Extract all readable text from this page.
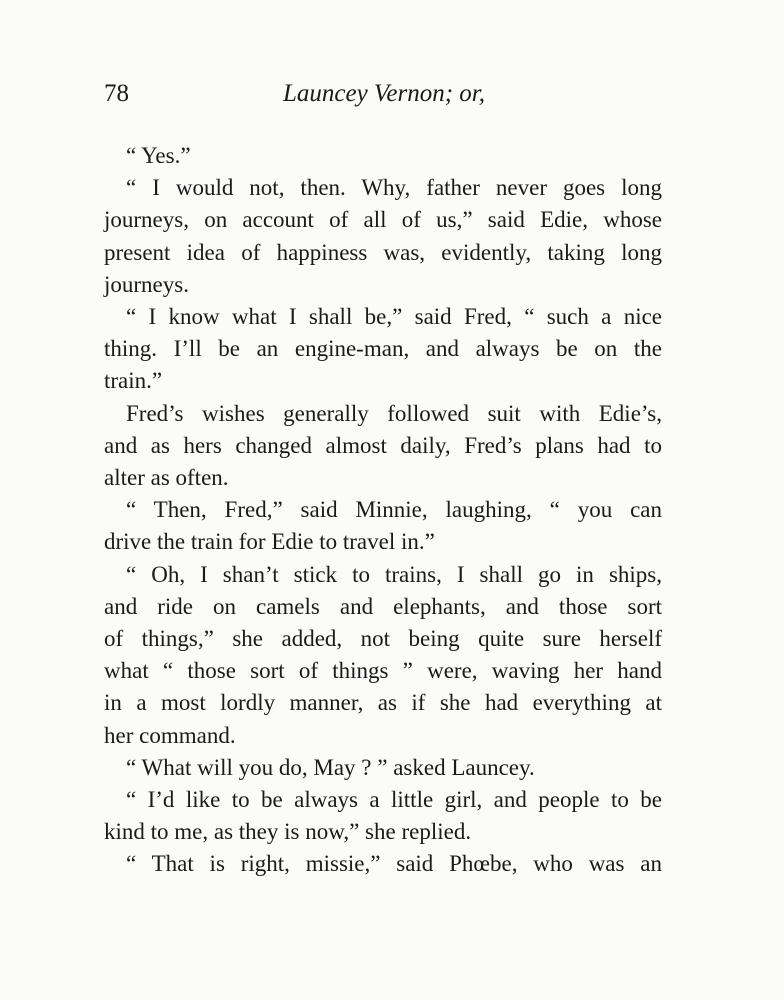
78	Launcey Vernon; or,

“ Yes.”

“ I would not, then. Why, father never goes long
journeys, on account of all of us,” said Edie, whose
present idea of happiness was, evidently, taking long
journeys.

“ I know what I shall be,” said Fred, “ such a nice
thing. I’ll be an engine-man, and always be on the
train.”

Fred’s wishes generally followed suit with Edie’s,
and as hers changed almost daily, Fred’s plans had to
alter as often.

“ Then, Fred,” said Minnie, laughing, “ you can
drive the train for Edie to travel in.”

“ Oh, I shan’t stick to trains, I shall go in ships,
and ride on camels and elephants, and those sort
of things,” she added, not being quite sure herself
what “ those sort of things ” were, waving her hand
in a most lordly manner, as if she had everything at
her command.

“ What will you do, May ? ” asked Launcey.

“ I’d like to be always a little girl, and people to be
kind to me, as they is now,” she replied.

“ That is right, missie,” said Phœbe, who was an
